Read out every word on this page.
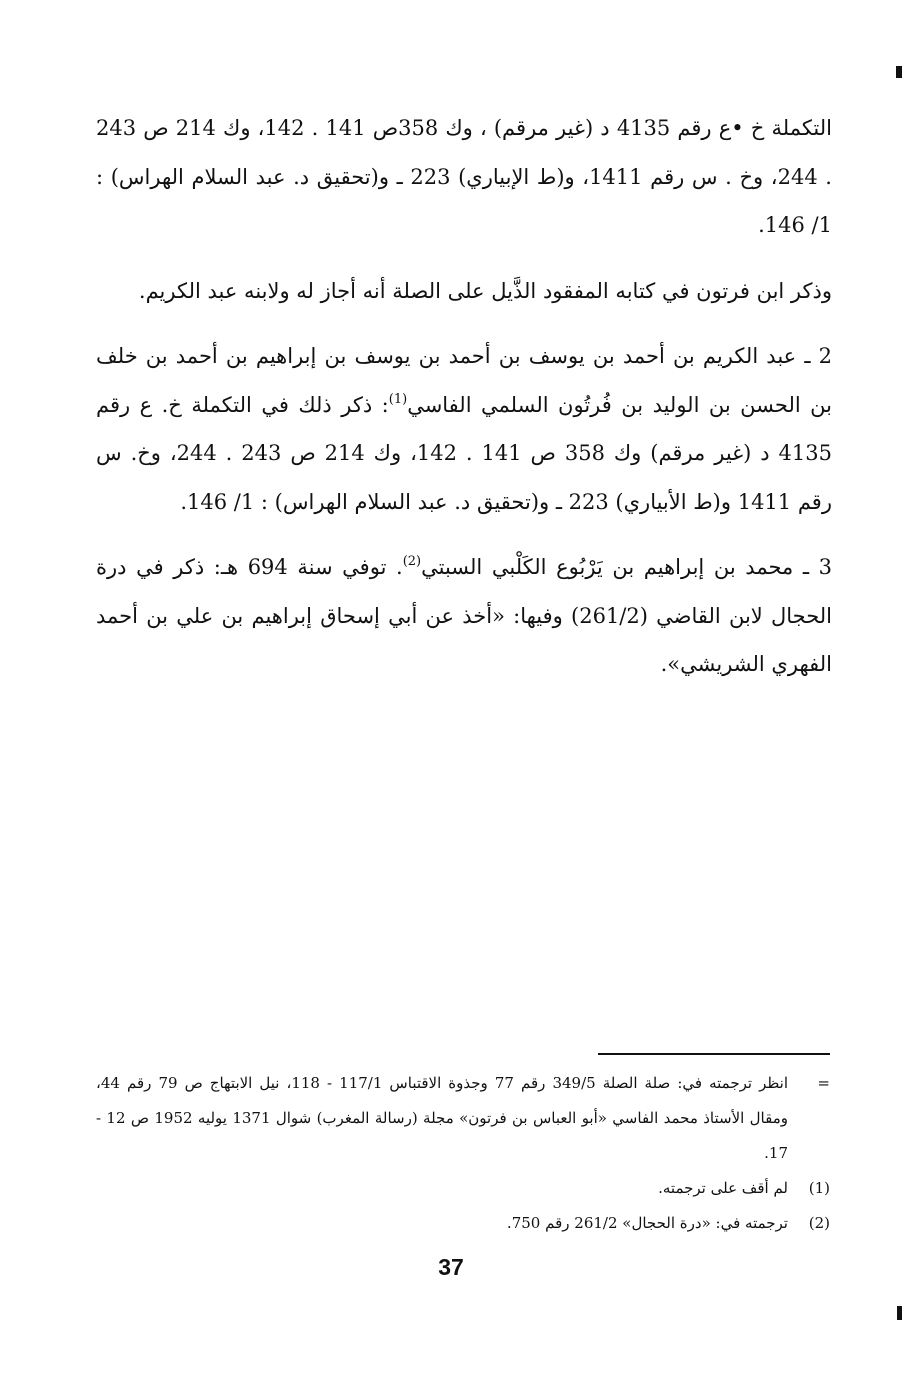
التكملة خ •ع رقم 4135 د (غير مرقم) ، وك 358ص 141 . 142، وك 214 ص 243 . 244، وخ . س رقم 1411، و(ط الإبياري) 223 ـ و(تحقيق د. عبد السلام الهراس) : 1/ 146.

وذكر ابن فرتون في كتابه المفقود الذَّيل على الصلة أنه أجاز له ولابنه عبد الكريم.

2 ـ عبد الكريم بن أحمد بن يوسف بن أحمد بن يوسف بن إبراهيم بن أحمد بن خلف بن الحسن بن الوليد بن فُرتُون السلمي الفاسي$^{(1)}$: ذكر ذلك في التكملة خ. ع رقم 4135 د (غير مرقم) وك 358 ص 141 . 142، وك 214 ص 243 . 244، وخ. س رقم 1411 و(ط الأبياري) 223 ـ و(تحقيق د. عبد السلام الهراس) : 1/ 146.

3 ـ محمد بن إبراهيم بن يَرْبُوع الكَلْبي السبتي$^{(2)}$. توفي سنة 694 هـ: ذكر في درة الحجال لابن القاضي (261/2) وفيها: «أخذ عن أبي إسحاق إبراهيم بن علي بن أحمد الفهري الشريشي».

=
انظر ترجمته في: صلة الصلة 349/5 رقم 77 وجذوة الاقتباس 117/1 - 118، نيل الابتهاج ص 79 رقم 44، ومقال الأستاذ محمد الفاسي «أبو العباس بن فرتون» مجلة (رسالة المغرب) شوال 1371 يوليه 1952 ص 12 - 17.
(1)
لم أقف على ترجمته.
(2)
ترجمته في: «درة الحجال» 261/2 رقم 750.
37
